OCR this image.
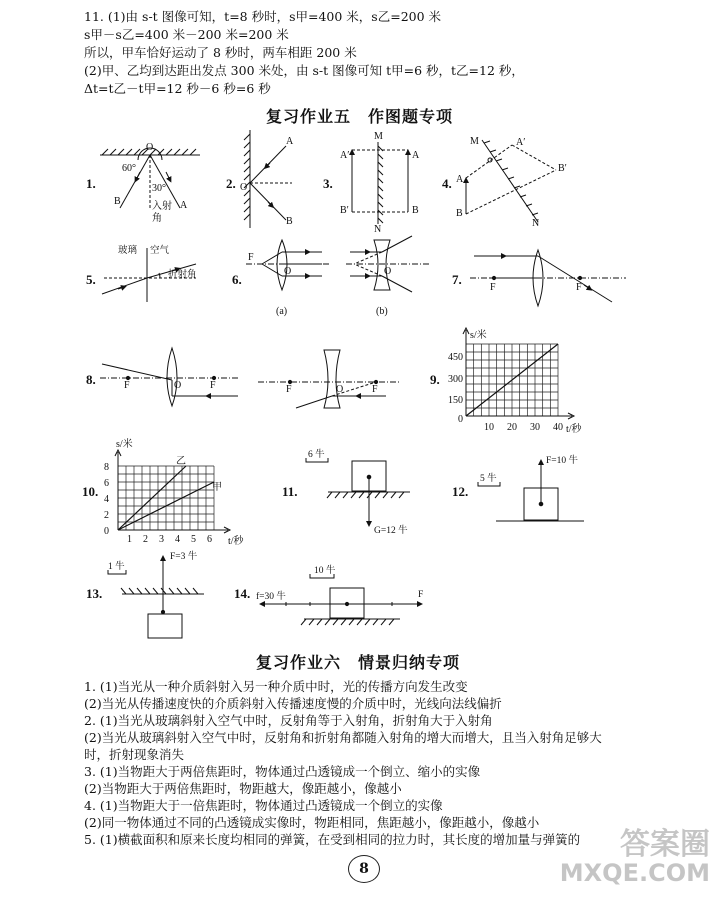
11. (1)由 s-t 图像可知，t=8 秒时，s甲=400 米，s乙=200 米
s甲－s乙=400 米－200 米=200 米
所以，甲车恰好运动了 8 秒时，两车相距 200 米
(2)甲、乙均到达距出发点 300 米处，由 s-t 图像可知 t甲=6 秒，t乙=12 秒，
Δt=t乙－t甲=12 秒－6 秒=6 秒
复习作业五　作图题专项
1.	2.	3.	4.
5.	6.	7.
8.	9.
10.	11.	12.
13.	14.
O
60°
30°
入射
角
B	A
A
O
B
M
A′	A
B′	B
N
M	A′
A
B′
B
N
玻璃 空气
折射角
F
O	O
(a)	(b)
F	F
F	O	F	F	O	F
s/米
t/秒
450
300
150
0
10 20 30 40
s/米
t/秒
乙
甲
8
6
4
2
0
1 2 3 4 5 6
6 牛
G=12 牛
5 牛
F=10 牛
1 牛
F=3 牛
10 牛
f=30 牛	F
复习作业六　情景归纳专项
1. (1)当光从一种介质斜射入另一种介质中时，光的传播方向发生改变
(2)当光从传播速度快的介质斜射入传播速度慢的介质中时，光线向法线偏折
2. (1)当光从玻璃斜射入空气中时，反射角等于入射角，折射角大于入射角
(2)当光从玻璃斜射入空气中时，反射角和折射角都随入射角的增大而增大，且当入射角足够大
时，折射现象消失
3. (1)当物距大于两倍焦距时，物体通过凸透镜成一个倒立、缩小的实像
(2)当物距大于两倍焦距时，物距越大，像距越小，像越小
4. (1)当物距大于一倍焦距时，物体通过凸透镜成一个倒立的实像
(2)同一物体通过不同的凸透镜成实像时，物距相同，焦距越小，像距越小，像越小
5. (1)横截面积和原来长度均相同的弹簧，在受到相同的拉力时，其长度的增加量与弹簧的
8
答案圈
MXQE.COM
